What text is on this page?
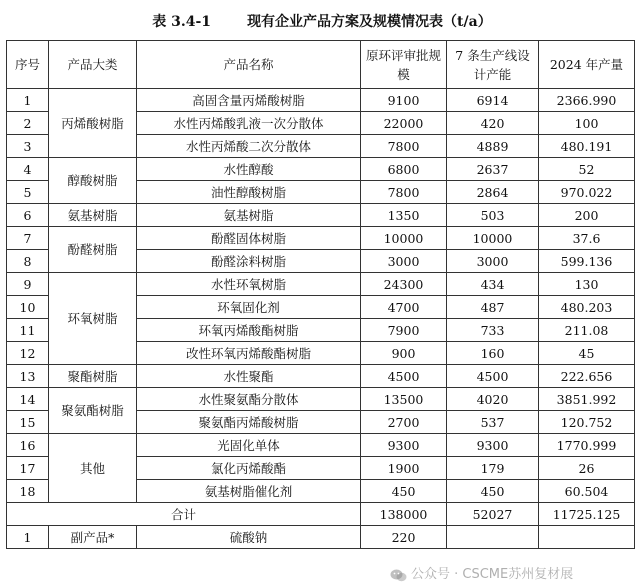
表 3.4-1	现有企业产品方案及规模情况表（t/a）
序号	产品大类	产品名称	原环评审批规模	7 条生产线设计产能	2024 年产量
1	丙烯酸树脂	高固含量丙烯酸树脂	9100	6914	2366.990
2		水性丙烯酸乳液一次分散体	22000	420	100
3		水性丙烯酸二次分散体	7800	4889	480.191
4	醇酸树脂	水性醇酸	6800	2637	52
5		油性醇酸树脂	7800	2864	970.022
6	氨基树脂	氨基树脂	1350	503	200
7	酚醛树脂	酚醛固体树脂	10000	10000	37.6
8		酚醛涂料树脂	3000	3000	599.136
9	环氧树脂	水性环氧树脂	24300	434	130
10		环氧固化剂	4700	487	480.203
11		环氧丙烯酸酯树脂	7900	733	211.08
12		改性环氧丙烯酸酯树脂	900	160	45
13	聚酯树脂	水性聚酯	4500	4500	222.656
14	聚氨酯树脂	水性聚氨酯分散体	13500	4020	3851.992
15		聚氨酯丙烯酸树脂	2700	537	120.752
16	其他	光固化单体	9300	9300	1770.999
17		氯化丙烯酸酯	1900	179	26
18		氨基树脂催化剂	450	450	60.504
合计			138000	52027	11725.125
1	副产品*	硫酸钠	220		
公众号 · CSCME苏州复材展
